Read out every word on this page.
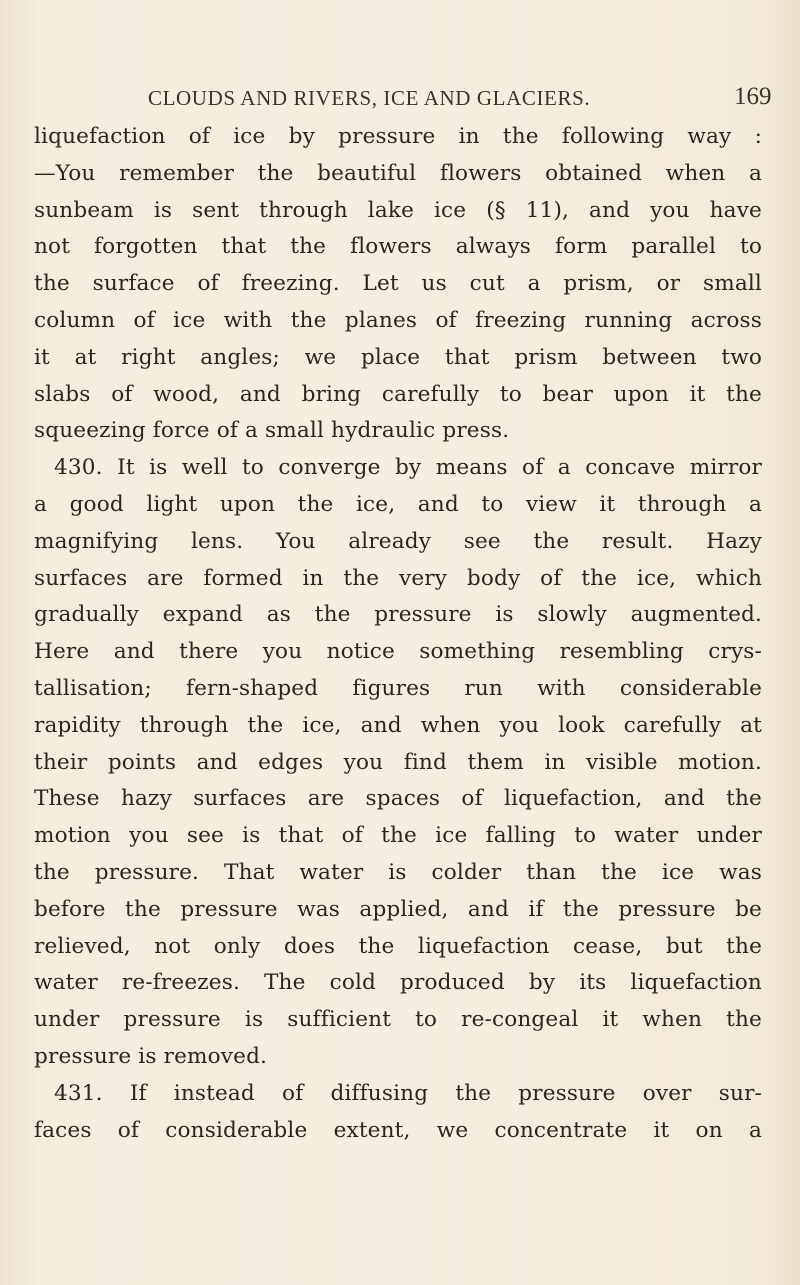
CLOUDS AND RIVERS, ICE AND GLACIERS.	169
liquefaction of ice by pressure in the following way :
—You remember the beautiful flowers obtained when a
sunbeam is sent through lake ice (§ 11), and you have
not forgotten that the flowers always form parallel to
the surface of freezing. Let us cut a prism, or small
column of ice with the planes of freezing running across
it at right angles; we place that prism between two
slabs of wood, and bring carefully to bear upon it the
squeezing force of a small hydraulic press.
430. It is well to converge by means of a concave mirror
a good light upon the ice, and to view it through a
magnifying lens. You already see the result. Hazy
surfaces are formed in the very body of the ice, which
gradually expand as the pressure is slowly augmented.
Here and there you notice something resembling crys-
tallisation; fern-shaped figures run with considerable
rapidity through the ice, and when you look carefully at
their points and edges you find them in visible motion.
These hazy surfaces are spaces of liquefaction, and the
motion you see is that of the ice falling to water under
the pressure. That water is colder than the ice was
before the pressure was applied, and if the pressure be
relieved, not only does the liquefaction cease, but the
water re-freezes. The cold produced by its liquefaction
under pressure is sufficient to re-congeal it when the
pressure is removed.
431. If instead of diffusing the pressure over sur-
faces of considerable extent, we concentrate it on a
